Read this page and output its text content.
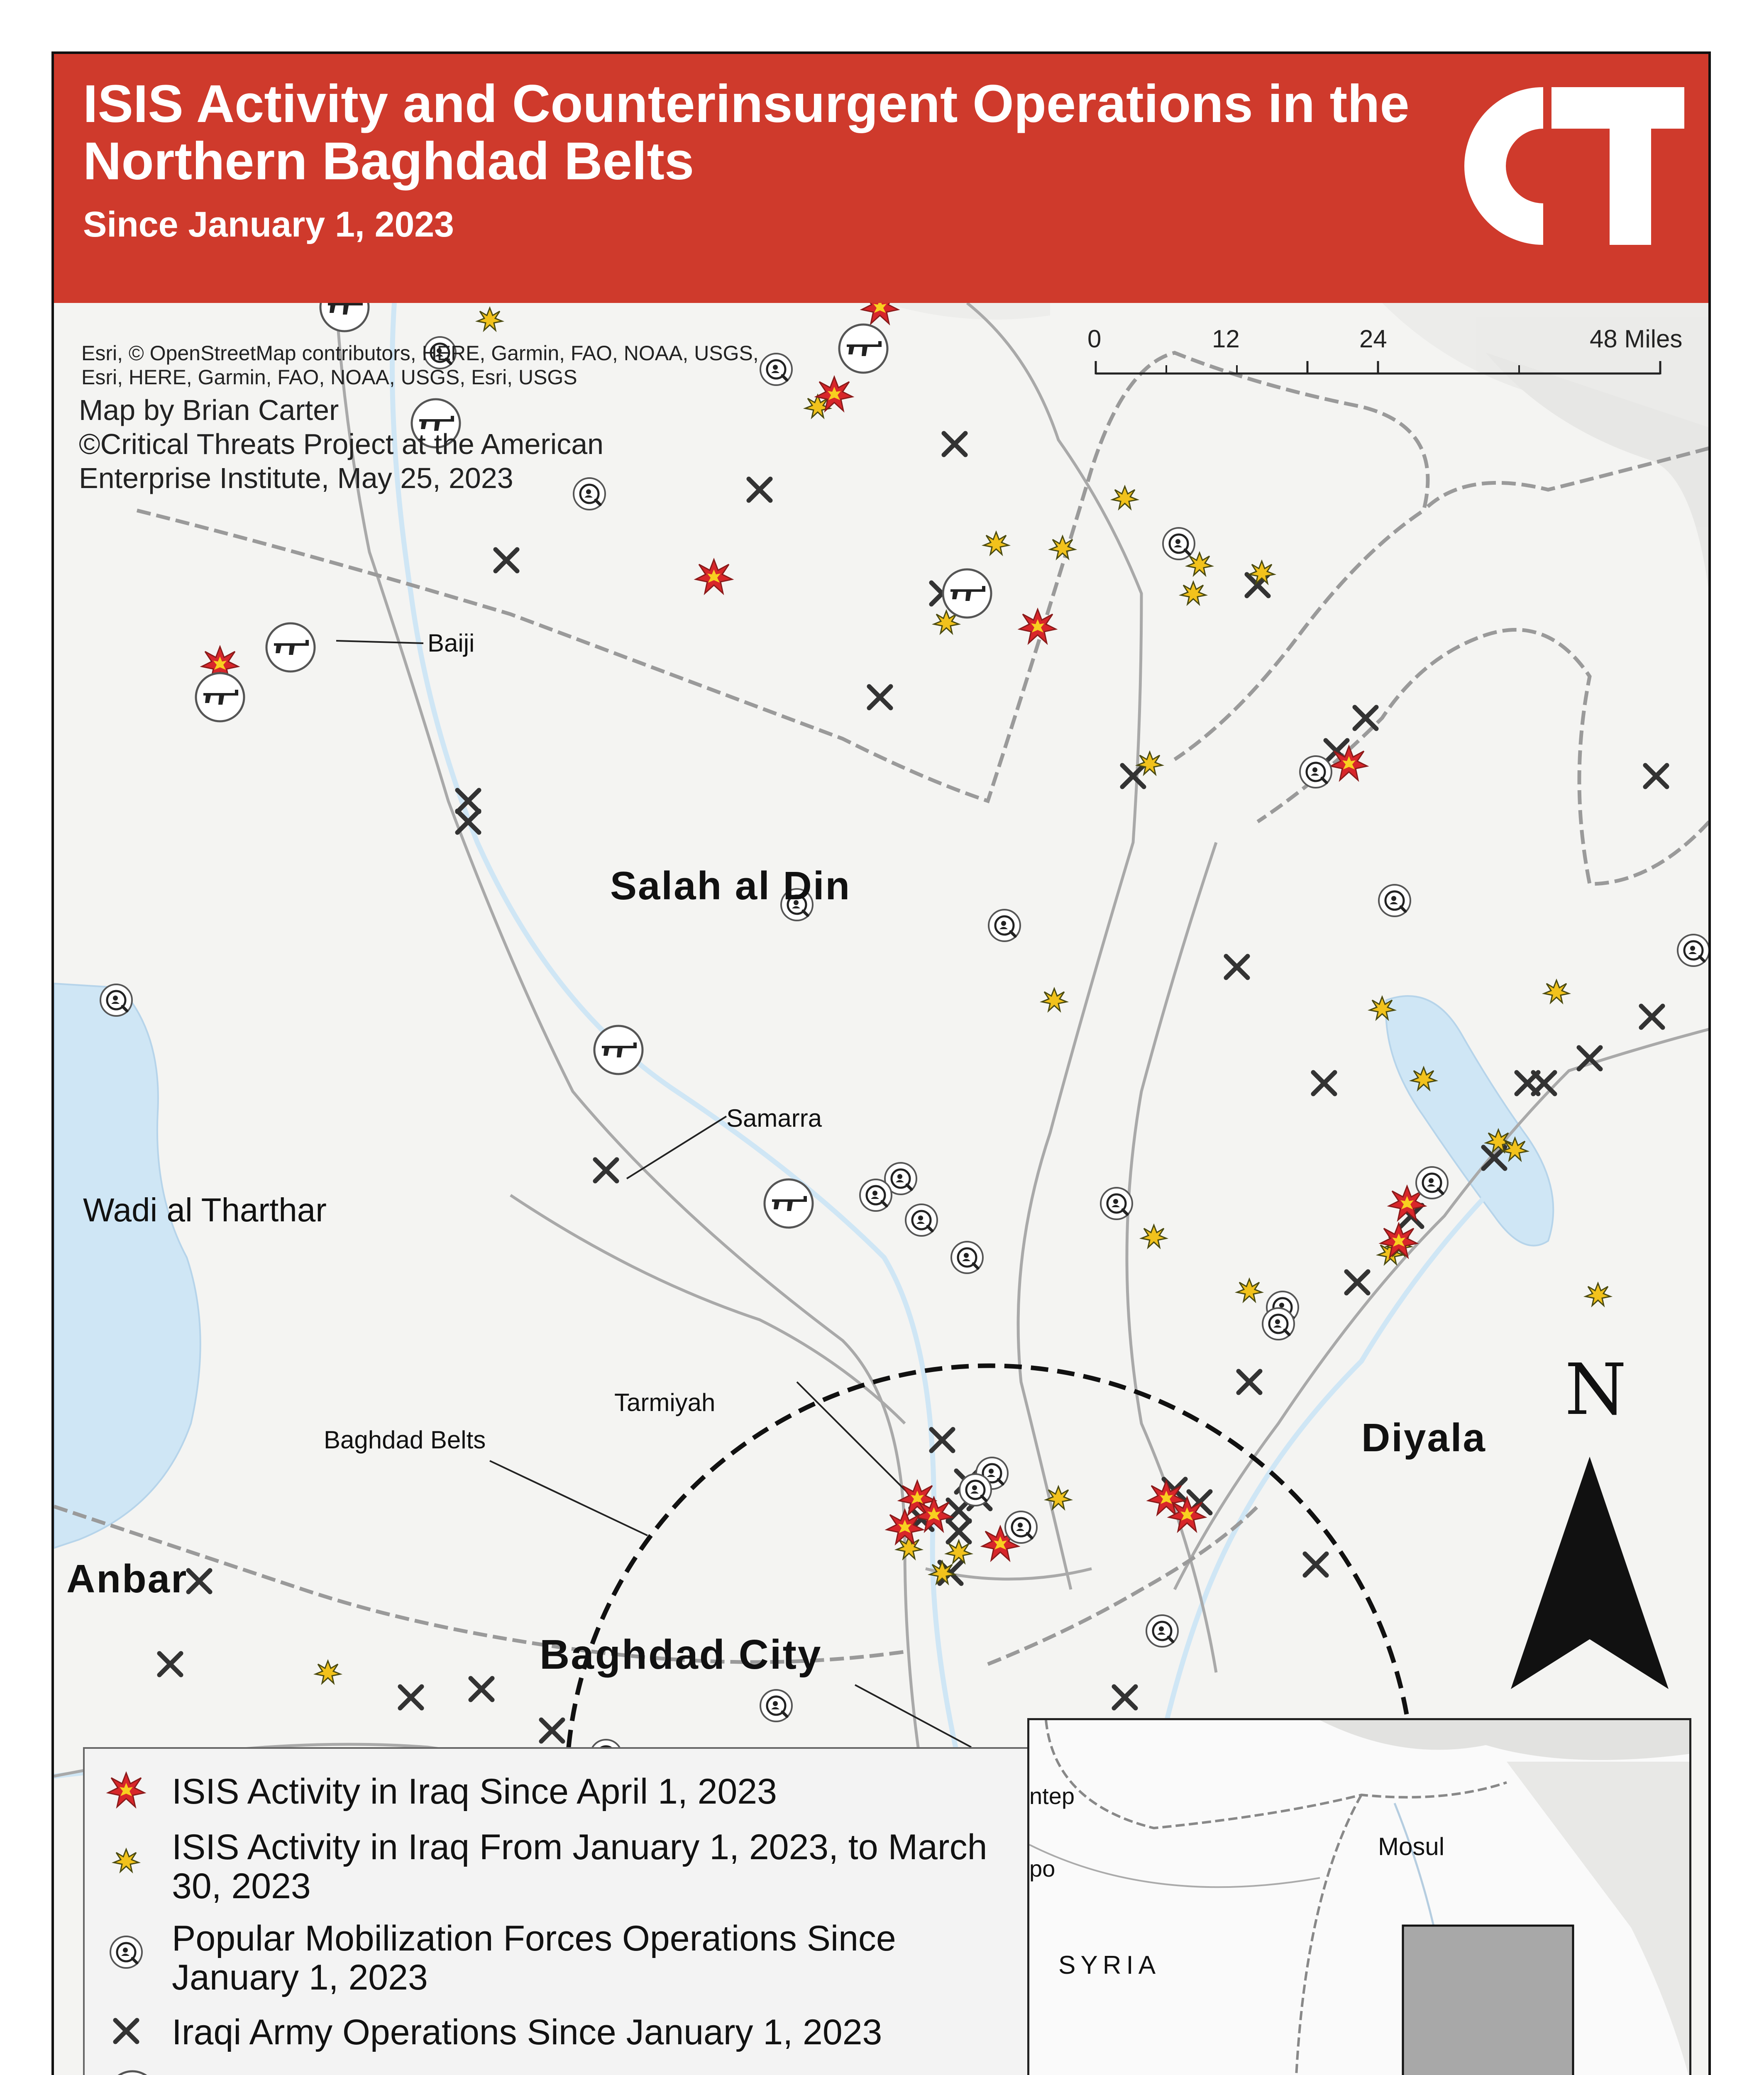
ISIS Activity and Counterinsurgent Operations in the Northern Baghdad Belts
Since January 1, 2023
Esri, © OpenStreetMap contributors, HERE, Garmin, FAO, NOAA, USGS,
Esri, HERE, Garmin, FAO, NOAA, USGS, Esri, USGS
Map by Brian Carter
©Critical Threats Project at the American
Enterprise Institute, May 25, 2023
0	12	24	48 Miles
Baiji
Samarra
Tarmiyah
Baghdad Belts
Salah al Din
Diyala
Anbar
Baghdad City
Wadi al Tharthar
N
ISIS Activity in Iraq Since April 1, 2023
ISIS Activity in Iraq From January 1, 2023, to March 30, 2023
Popular Mobilization Forces Operations Since January 1, 2023
Iraqi Army Operations Since January 1, 2023
ntep
po
Mosul
SYRIA
